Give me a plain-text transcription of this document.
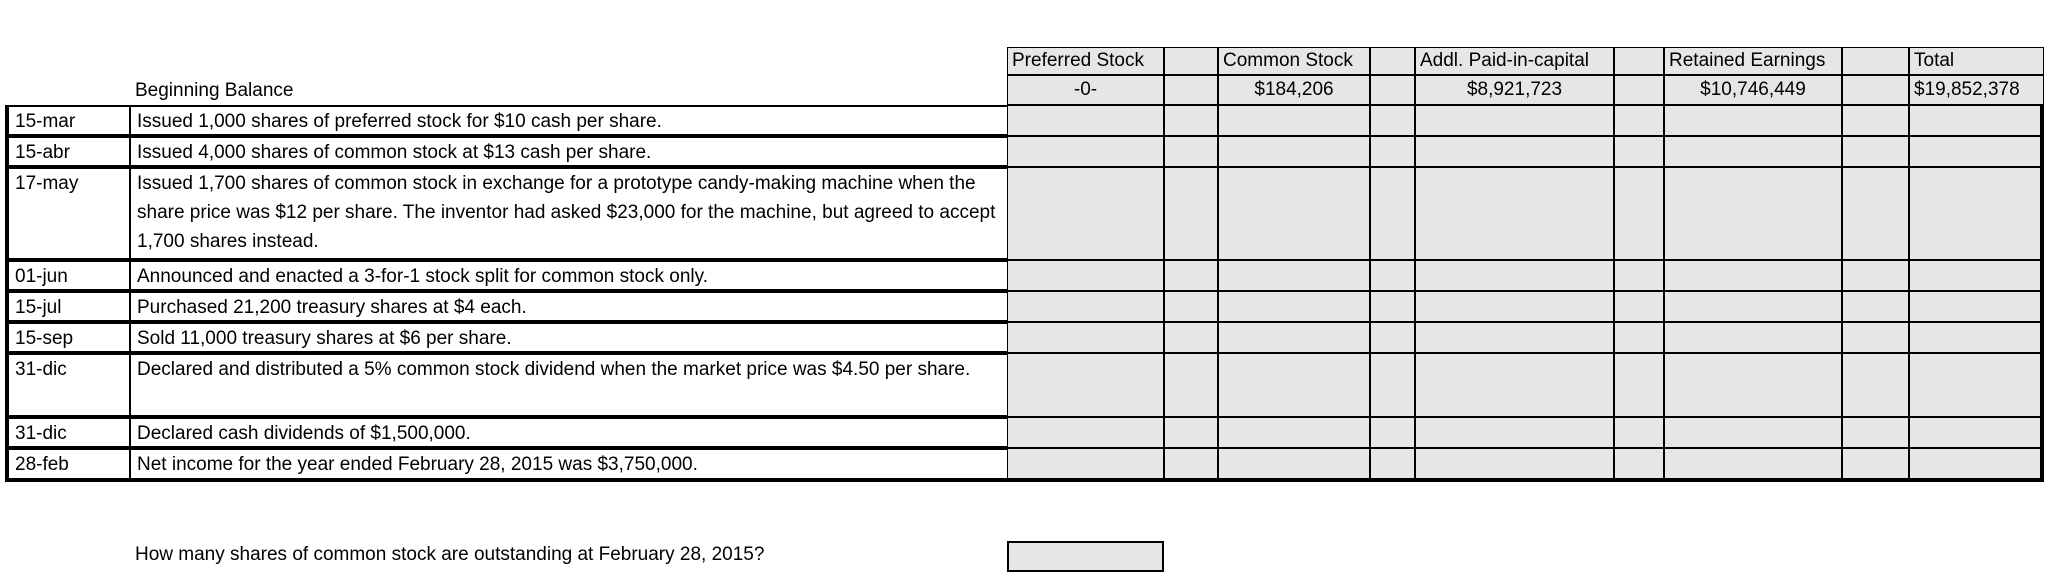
Preferred Stock	Common Stock	Addl. Paid-in-capital	Retained Earnings	Total
Beginning Balance	-0-	$184,206	$8,921,723	$10,746,449	$19,852,378
15-mar	Issued 1,000 shares of preferred stock for $10 cash per share.
15-abr	Issued 4,000 shares of common stock at $13 cash per share.
17-may	Issued 1,700 shares of common stock in exchange for a prototype candy-making machine when the share price was $12 per share. The inventor had asked $23,000 for the machine, but agreed to accept 1,700 shares instead.
01-jun	Announced and enacted a 3-for-1 stock split for common stock only.
15-jul	Purchased 21,200 treasury shares at $4 each.
15-sep	Sold 11,000 treasury shares at $6 per share.
31-dic	Declared and distributed a 5% common stock dividend when the market price was $4.50 per share.
31-dic	Declared cash dividends of $1,500,000.
28-feb	Net income for the year ended February 28, 2015 was $3,750,000.
How many shares of common stock are outstanding at February 28, 2015?
